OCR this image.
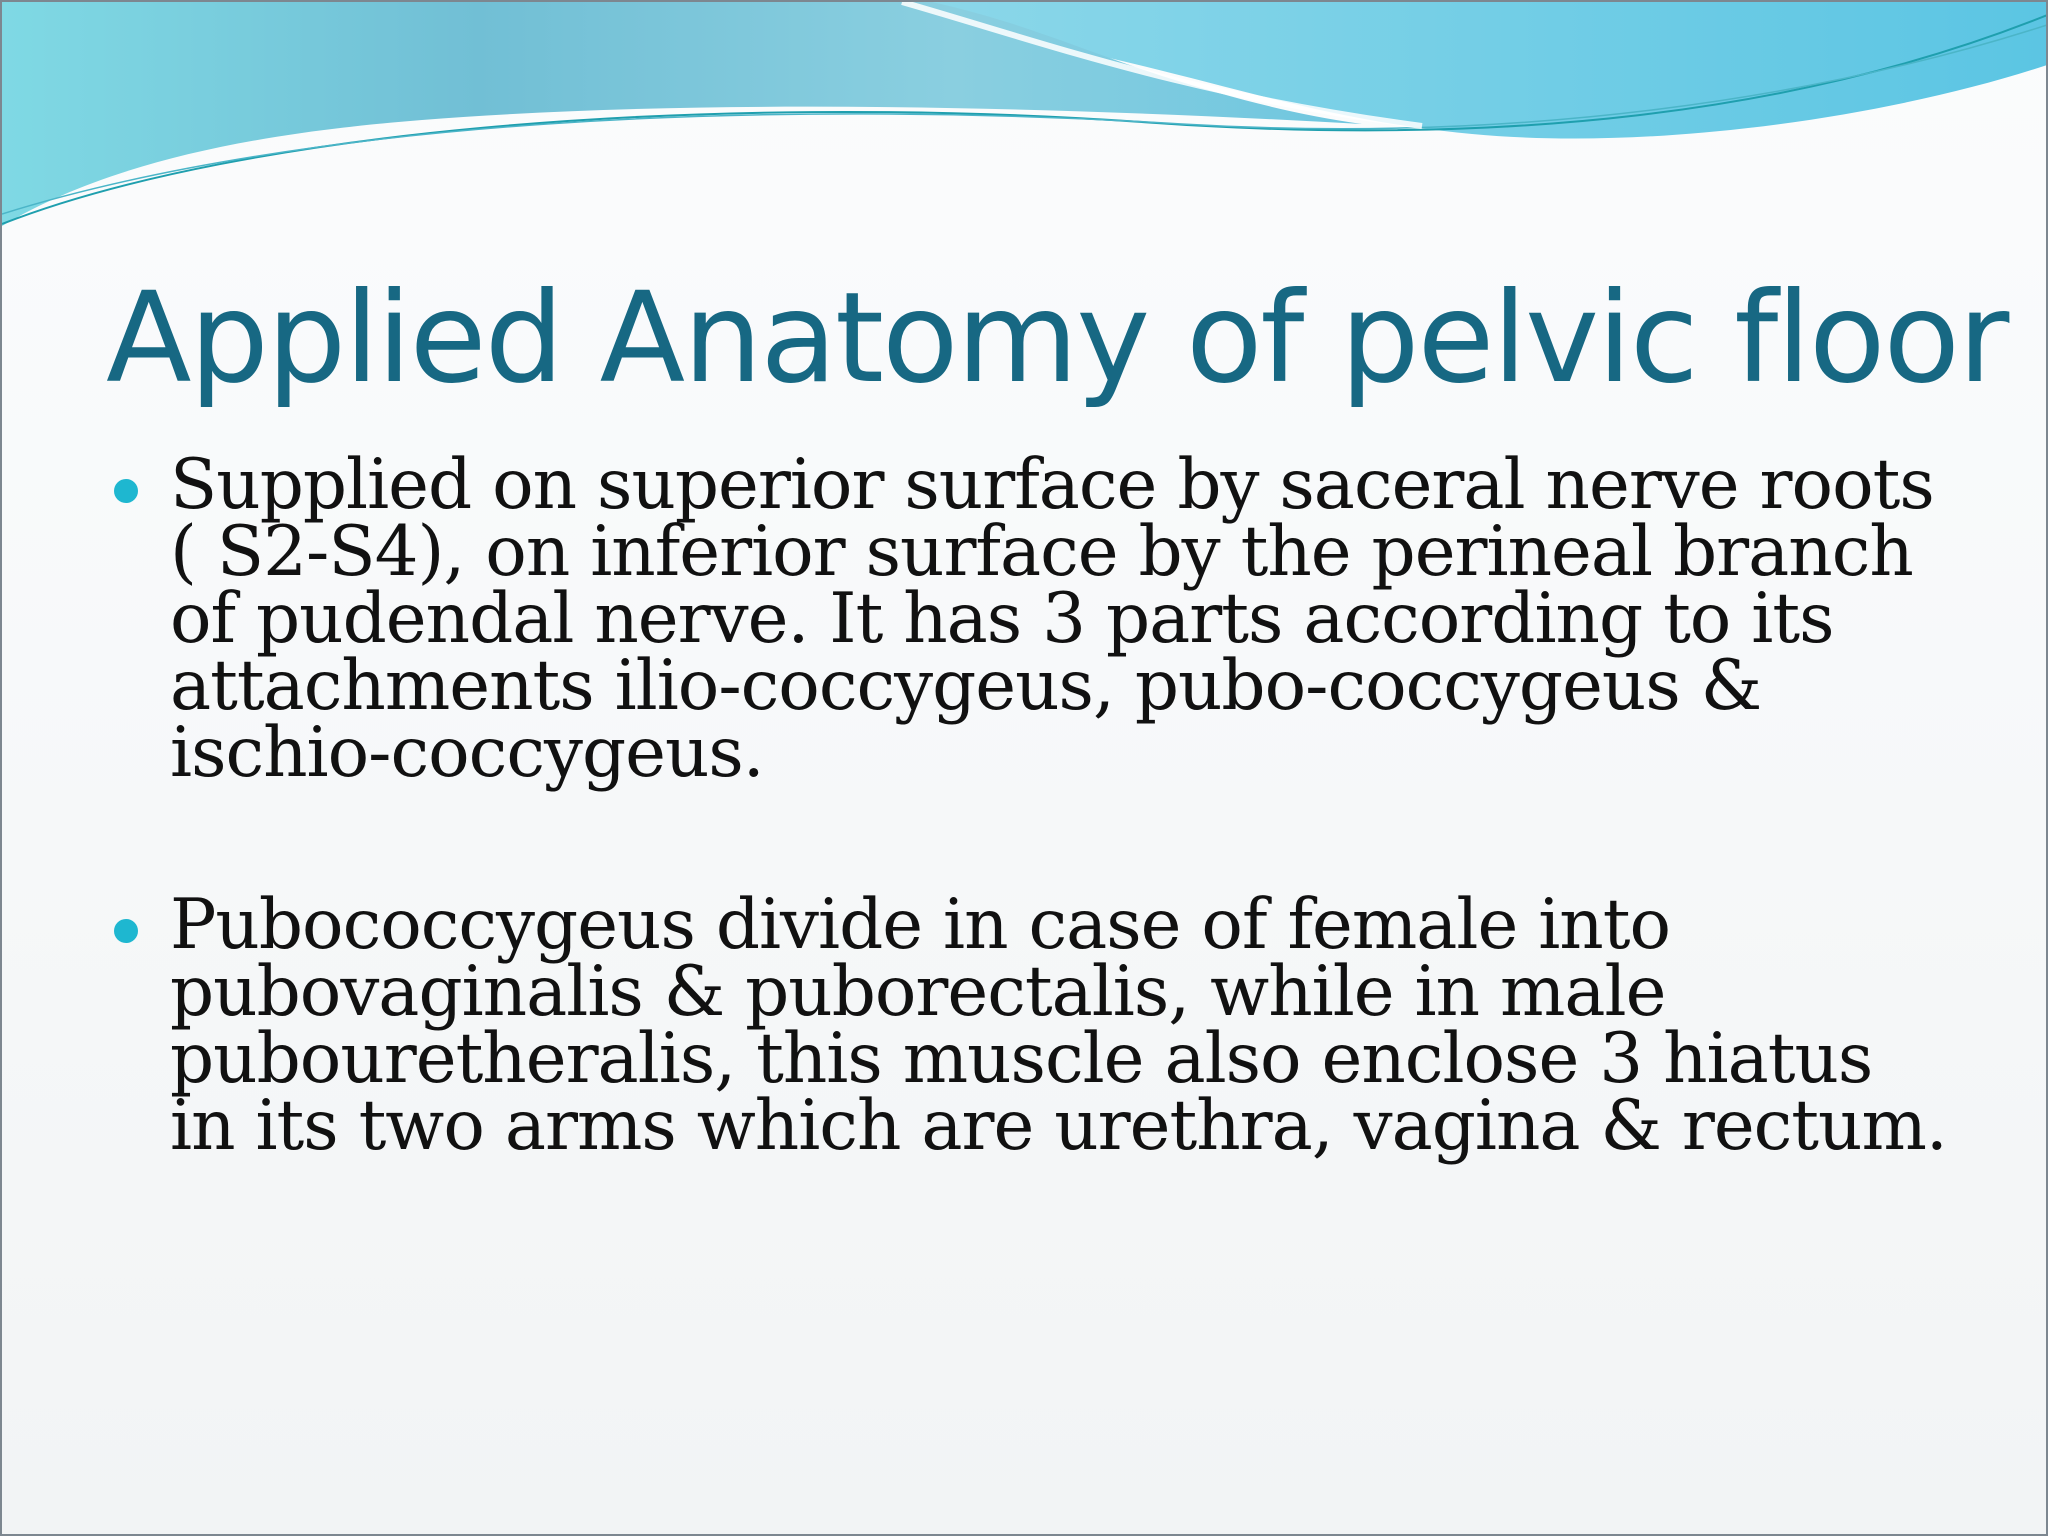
Applied Anatomy of pelvic floor
Supplied on superior surface by saceral nerve roots ( S2-S4), on inferior surface by the perineal branch of pudendal nerve. It has 3 parts according to its attachments ilio-coccygeus, pubo-coccygeus & ischio-coccygeus.
Pubococcygeus divide in case of female into pubovaginalis & puborectalis, while in male pubouretheralis, this muscle also enclose 3 hiatus in its two arms which are urethra, vagina & rectum.
